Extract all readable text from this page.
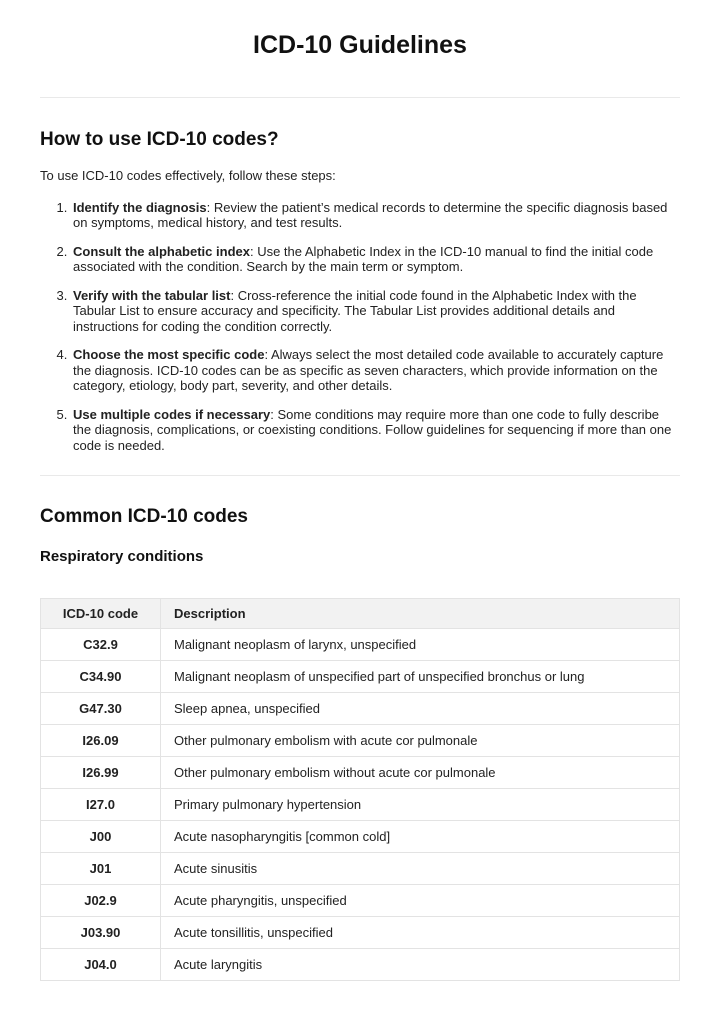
ICD-10 Guidelines
How to use ICD-10 codes?

To use ICD-10 codes effectively, follow these steps:

1. Identify the diagnosis: Review the patient’s medical records to determine the specific diagnosis based on symptoms, medical history, and test results.
2. Consult the alphabetic index: Use the Alphabetic Index in the ICD-10 manual to find the initial code associated with the condition. Search by the main term or symptom.
3. Verify with the tabular list: Cross-reference the initial code found in the Alphabetic Index with the Tabular List to ensure accuracy and specificity. The Tabular List provides additional details and instructions for coding the condition correctly.
4. Choose the most specific code: Always select the most detailed code available to accurately capture the diagnosis. ICD-10 codes can be as specific as seven characters, which provide information on the category, etiology, body part, severity, and other details.
5. Use multiple codes if necessary: Some conditions may require more than one code to fully describe the diagnosis, complications, or coexisting conditions. Follow guidelines for sequencing if more than one code is needed.
Common ICD-10 codes
Respiratory conditions
ICD-10 code	Description
C32.9	Malignant neoplasm of larynx, unspecified
C34.90	Malignant neoplasm of unspecified part of unspecified bronchus or lung
G47.30	Sleep apnea, unspecified
I26.09	Other pulmonary embolism with acute cor pulmonale
I26.99	Other pulmonary embolism without acute cor pulmonale
I27.0	Primary pulmonary hypertension
J00	Acute nasopharyngitis [common cold]
J01	Acute sinusitis
J02.9	Acute pharyngitis, unspecified
J03.90	Acute tonsillitis, unspecified
J04.0	Acute laryngitis
